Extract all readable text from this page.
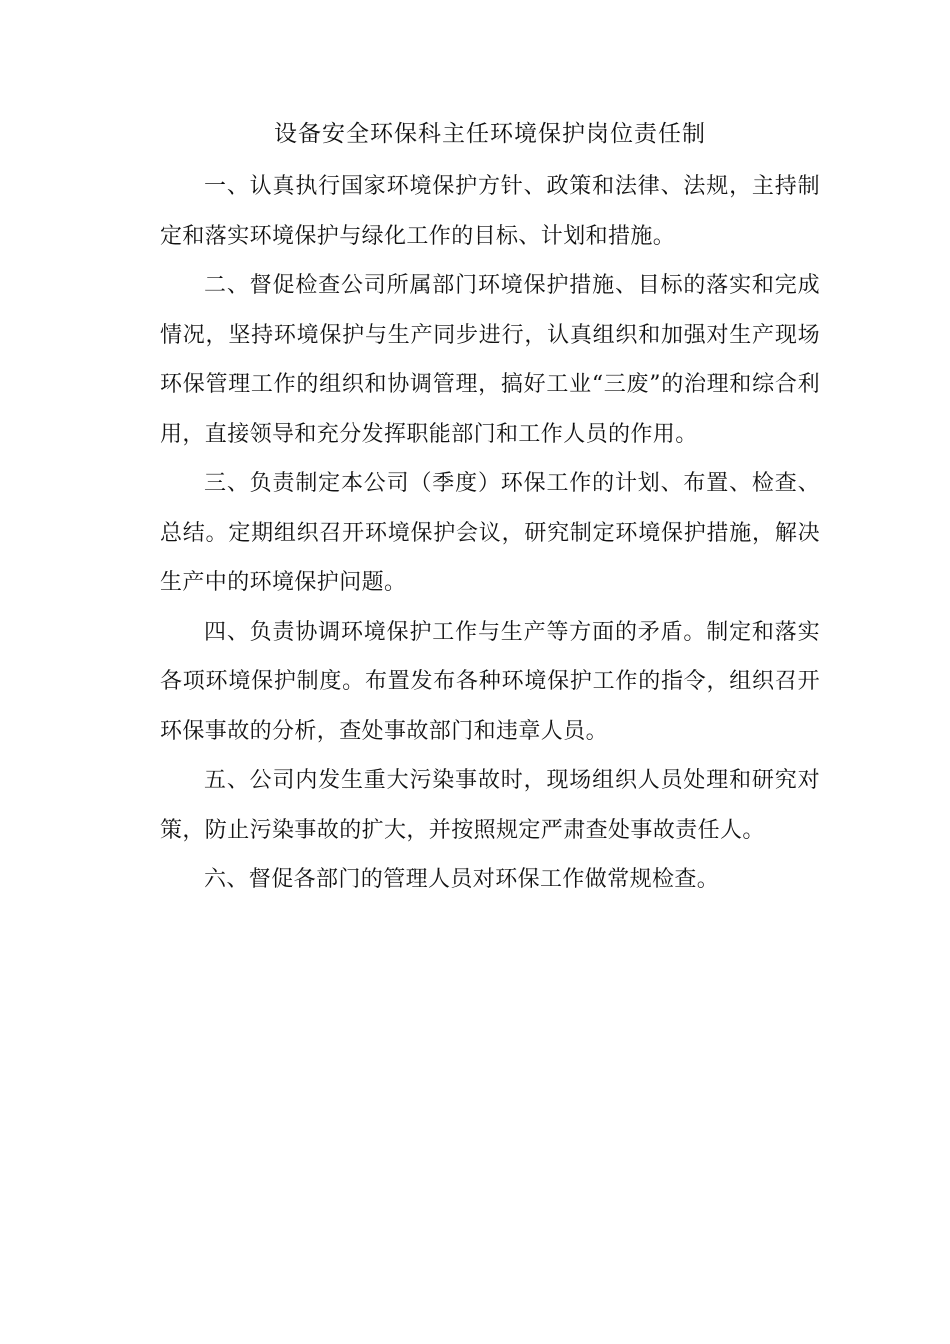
设备安全环保科主任环境保护岗位责任制

一、认真执行国家环境保护方针、政策和法律、法规，主持制定和落实环境保护与绿化工作的目标、计划和措施。

二、督促检查公司所属部门环境保护措施、目标的落实和完成情况，坚持环境保护与生产同步进行，认真组织和加强对生产现场环保管理工作的组织和协调管理，搞好工业“三废”的治理和综合利用，直接领导和充分发挥职能部门和工作人员的作用。

三、负责制定本公司（季度）环保工作的计划、布置、检查、总结。定期组织召开环境保护会议，研究制定环境保护措施，解决生产中的环境保护问题。

四、负责协调环境保护工作与生产等方面的矛盾。制定和落实各项环境保护制度。布置发布各种环境保护工作的指令，组织召开环保事故的分析，查处事故部门和违章人员。

五、公司内发生重大污染事故时，现场组织人员处理和研究对策，防止污染事故的扩大，并按照规定严肃查处事故责任人。

六、督促各部门的管理人员对环保工作做常规检查。
